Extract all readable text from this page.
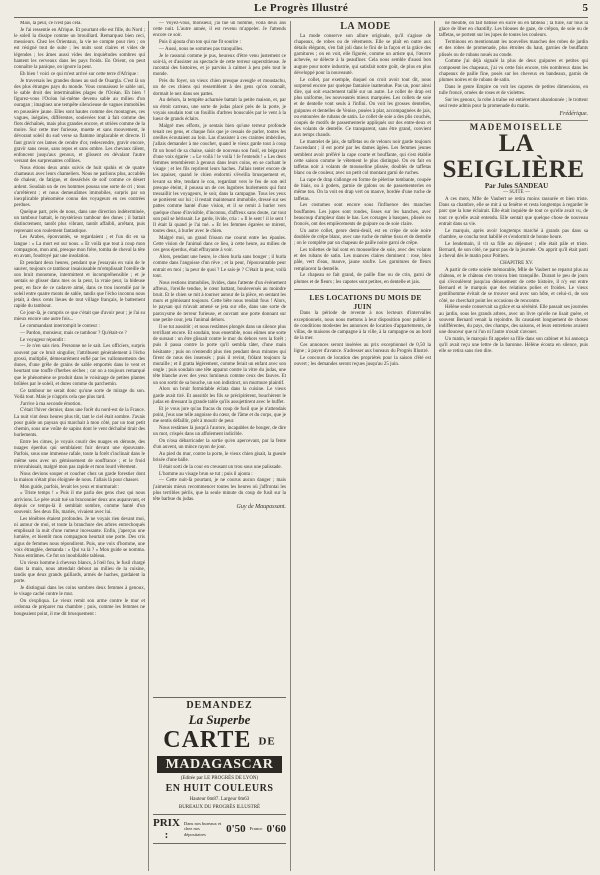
Le Progrès Illustré	5

Mais, la peur, ce n'est pas cela.

Je l'ai ressentie en Afrique. Et pourtant elle est fille, du Nord ; le soleil la dissipe comme un brouillard. Remarquez bien ceci, messieurs. Chez les Orientaux, la vie ne compte pour rien ; on est résigné tout de suite ; les nuits sont claires et vides de légendes ; les âmes aussi vides des inquiétudes sombres qui hantent les cerveaux dans les pays froids. En Orient, on peut connaître la panique, on ignore la peur.

Eh bien ! voici ce qui m'est arrivé sur cette terre d'Afrique :

Je traversais les grandes dunes au sud de Ouargla. C'est là un des plus étranges pays du monde. Vous connaissez le sable uni, le sable droit des interminables plages de l'Océan. Eh bien ! figurez-vous l'Océan lui-même devenu sable au milieu d'un ouragan ; imaginez une tempête silencieuse de vagues immobiles en poussière jaune. Elles sont hautes comme des montagnes, ces vagues, inégales, différentes, soulevées tout à fait comme des flots déchaînés, mais plus grandes encore, et striées comme de la moire. Sur cette mer furieuse, muette et sans mouvement, le dévorant soleil du sud verse sa flamme implacable et directe. Il faut gravir ces lames de cendre d'or, redescendre, gravir encore, gravir sans cesse, sans repos et sans ombre. Les chevaux râlent, enfoncent jusqu'aux genoux, et glissent en dévalant l'autre versant des surprenantes collines.

Nous étions deux amis suivis de huit spahis et de quatre chameaux avec leurs chameliers. Nous ne parlions plus, accablés de chaleur, de fatigue, et desséchés de soif comme ce désert ardent. Soudain un de ces hommes poussa une sorte de cri ; tous s'arrêtèrent ; et nous demeurâmes immobiles, surpris par un inexplicable phénomène connu des voyageurs en ces contrées perdues.

Quelque part, près de nous, dans une direction indéterminée, un tambour battait, le mystérieux tambour des dunes ; il battait distinctement, tantôt plus vibrant, tantôt affaibli, arrêtant, puis reprenant son roulement fantastique.

Les Arabes, épouvantés, se regardaient ; et l'un dit en sa langue : « La mort est sur nous. » Et voilà que tout à coup mon compagnon, mon ami, presque mon frère, tomba de cheval la tête en avant, foudroyé par une insolation.

Et pendant deux heures, pendant que j'essayais en vain de le sauver, toujours ce tambour insaisissable m'emplissait l'oreille de son bruit monotone, intermittent et incompréhensible ; et je sentais se glisser dans mes os la peur, la vraie peur, la hideuse peur, en face de ce cadavre aimé, dans ce trou incendié par le soleil entre quatre monts de sable, tandis que l'écho inconnu nous jetait, à deux cents lieues de tout village français, le battement rapide du tambour.

Ce jour-là, je compris ce que c'était que d'avoir peur ; je l'ai su mieux encore une autre fois...

Le commandant interrompit le conteur :

— Pardon, monsieur, mais ce tambour ? Qu'était-ce ?

Le voyageur répondit :

— Je n'en sais rien. Personne ne le sait. Les officiers, surpris souvent par ce bruit singulier, l'attribuent généralement à l'écho grossi, multiplié, démesurément enflé par les vallonnements des dunes, d'une grêle de grains de sable emportés dans le vent et heurtant une touffe d'herbes sèches ; car on a toujours remarqué que le phénomène se produit dans le voisinage de petites plantes brûlées par le soleil, et dures comme du parchemin.

Ce tambour ne serait donc qu'une sorte de mirage du son. Voilà tout. Mais je n'appris cela que plus tard.

J'arrive à ma seconde émotion.

C'était l'hiver dernier, dans une forêt du nord-est de la France. La nuit vint deux heures plus tôt, tant le ciel était sombre. J'avais pour guide un paysan qui marchait à mon côté, par un tout petit chemin, sous une voûte de sapins dont le vent déchaîné tirait des hurlements.

Entre les cimes, je voyais courir des nuages en déroute, des nuages éperdus qui semblaient fuir devant une épouvante. Parfois, sous une immense rafale, toute la forêt s'inclinait dans le même sens avec un gémissement de souffrance ; et le froid m'envahissait, malgré mon pas rapide et mon lourd vêtement.

Nous devions souper et coucher chez un garde forestier dont la maison n'était plus éloignée de nous. J'allais là pour chasser.

Mon guide, parfois, levait les yeux et murmurait :

« Triste temps ! » Puis il me parla des gens chez qui nous arrivions. Le père avait tué un braconnier deux ans auparavant, et depuis ce temps-là il semblait sombre, comme hanté d'un souvenir. Ses deux fils, mariés, vivaient avec lui.

Les ténèbres étaient profondes. Je ne voyais rien devant moi, ni autour de moi, et toute la branchure des arbres entrechoqués emplissait la nuit d'une rumeur incessante. Enfin, j'aperçus une lumière, et bientôt mon compagnon heurtait une porte. Des cris aigus de femmes nous répondirent. Puis, une voix d'homme, une voix étranglée, demanda : « Qui va là ? » Mon guide se nomma. Nous entrâmes. Ce fut un inoubliable tableau.

Un vieux homme à cheveux blancs, à l'œil fou, le fusil chargé dans la main, nous attendait debout au milieu de la cuisine, tandis que deux grands gaillards, armés de haches, gardaient la porte.

Je distinguai dans les coins sombres deux femmes à genoux, le visage caché contre le mur.

On s'expliqua. Le vieux remit son arme contre le mur et ordonna de préparer ma chambre ; puis, comme les femmes ne bougeaient point, il me dit brusquement :

— Voyez-vous, monsieur, j'ai tué un homme, voilà deux ans cette nuit. L'autre année, il est revenu m'appeler. Je l'attends encore ce soir.

Puis il ajouta d'un ton qui me fit sourire :

— Aussi, nous ne sommes pas tranquilles.

Je le rassurai comme je pus, heureux d'être venu justement ce soir-là, et d'assister au spectacle de cette terreur superstitieuse. Je racontai des histoires, et je parvins à calmer à peu près tout le monde.

Près du foyer, un vieux chien presque aveugle et moustachu, un de ces chiens qui ressemblent à des gens qu'on connaît, dormait le nez dans ses pattes.

Au dehors, la tempête acharnée battait la petite maison, et, par un étroit carreau, une sorte de judas placé près de la porte, je voyais soudain tout un fouillis d'arbres bousculés par le vent à la lueur de grands éclairs.

Malgré mes efforts, je sentais bien qu'une terreur profonde tenait ces gens, et chaque fois que je cessais de parler, toutes les oreilles écoutaient au loin. Las d'assister à ces craintes imbéciles, j'allais demander à me coucher, quand le vieux garde tout à coup fit un bond de sa chaise, saisit de nouveau son fusil, en bégayant d'une voix égarée : « Le voilà ! le voilà ! Je l'entends ! » Les deux femmes retombèrent à genoux dans leurs coins, en se cachant le visage ; et les fils reprirent leurs haches. J'allais tenter encore de les apaiser, quand le chien endormi s'éveilla brusquement et, levant sa tête, tendant le cou, regardant vers le feu de son œil presque éteint, il poussa un de ces lugubres hurlements qui font tressaillir les voyageurs, le soir, dans la campagne. Tous les yeux se portèrent sur lui ; il restait maintenant immobile, dressé sur ses pattes comme hanté d'une vision, et il se remit à hurler vers quelque chose d'invisible, d'inconnu, d'affreux sans doute, car tout son poil se hérissait. Le garde, livide, cria : « Il le sent ! il le sent ! Il était là quand je l'ai tué. » Et les femmes égarées se mirent, toutes deux, à hurler avec le chien.

Malgré moi, un grand frisson me courut entre les épaules. Cette vision de l'animal dans ce lieu, à cette heure, au milieu de ces gens éperdus, était effrayante à voir.

Alors, pendant une heure, le chien hurla sans bouger ; il hurla comme dans l'angoisse d'un rêve ; et la peur, l'épouvantable peur entrait en moi ; la peur de quoi ? Le sais-je ? C'était la peur, voilà tout.

Nous restions immobiles, livides, dans l'attente d'un événement affreux, l'oreille tendue, le cœur battant, bouleversés au moindre bruit. Et le chien se mit à tourner autour de la pièce, en sentant les murs et gémissant toujours. Cette bête nous rendait fous ! Alors, le paysan qui m'avait amené se jeta sur elle, dans une sorte de paroxysme de terreur furieuse, et ouvrant une porte donnant sur une petite cour, jeta l'animal dehors.

Il se tut aussitôt ; et nous restâmes plongés dans un silence plus terrifiant encore. Et soudain, tous ensemble, nous eûmes une sorte de sursaut : un être glissait contre le mur du dehors vers la forêt ; puis il passa contre la porte qu'il sembla tâter, d'une main hésitante ; puis on n'entendit plus rien pendant deux minutes qui firent de nous des insensés ; puis il revint, frôlant toujours la muraille ; et il gratta légèrement, comme ferait un enfant avec son ongle ; puis soudain une tête apparut contre la vitre du judas, une tête blanche avec des yeux lumineux comme ceux des fauves. Et un son sortit de sa bouche, un son indistinct, un murmure plaintif.

Alors un bruit formidable éclata dans la cuisine. Le vieux garde avait tiré. Et aussitôt les fils se précipitèrent, bouchèrent le judas en dressant la grande table qu'ils assujettirent avec le buffet.

Et je vous jure qu'au fracas du coup de fusil que je n'attendais point, j'eus une telle angoisse du cœur, de l'âme et du corps, que je me sentis défaillir, prêt à mourir de peur.

Nous restâmes là jusqu'à l'aurore, incapables de bouger, de dire un mot, crispés dans un affolement indicible.

On n'osa débarricader la sortie qu'en apercevant, par la fente d'un auvent, un mince rayon de jour.

Au pied du mur, contre la porte, le vieux chien gisait, la gueule brisée d'une balle.

Il était sorti de la cour en creusant un trou sous une palissade.

L'homme au visage brun se tut ; puis il ajouta :

— Cette nuit-là pourtant, je ne courus aucun danger ; mais j'aimerais mieux recommencer toutes les heures où j'affrontai les plus terribles périls, que la seule minute du coup de fusil sur la tête barbue du judas.

Guy de Maupassant.

DEMANDEZ
La Superbe
CARTE DE
MADAGASCAR
(Editée par LE PROGRÈS DE LYON)
EN HUIT COULEURS
Hauteur 0m87. Largeur 0m63
BUREAUX DU PROGRÈS ILLUSTRÉ
PRIX :
Dans nos bureaux et chez nos dépositaires	0'50 Franco 0'60

LA MODE

La mode conserve son allure originale, qu'il s'agisse de chapeaux, de robes ou de vêtements. Elle se plaît en outre aux détails élégants, s'en fait joli dans le fini de la façon et la grâce des garnitures ; on en voit, elle figurée, comme un artiste qui, l'œuvre achevée, se délecte à la peaufiner. Cela nous semble d'aussi bon augure pour notre industrie, qui satisfait notre goût, de plus en plus développé pour la nouveauté.

Le collet, par exemple, duquel on croit avoir tout dit, nous surprend encore par quelque fantaisie inattendue. Pas un, pour ainsi dire, qui soit exactement taillé sur un autre. Le collet de drap est plus uniforme, les nouveautés mieux marquées. Les collets de soie et de dentelle vont seuls à l'infini. On voit les grosses dentelles, guipures et dentelles de Venise, posées à plat, accompagnées de jais, ou entourées de rubans de satin. Le collet de soie a des plis couchés, coupés de motifs de passementerie appliqués sur des entre-deux et des volants de dentelle. Ce transparent, sans être grand, convient aux temps chauds.

Le mantelet de jais, de taffetas ou de velours noir garde toujours l'ascendant ; il est porté par les dames âgées. Les femmes jeunes semblent avoir préféré la cape courte et bouffante, qui s'est établie cette saison comme le vêtement le plus distingué. On en fait en taffetas noir à volants de mousseline plissée, doublés de taffetas blanc ou de couleur, avec un petit col montant garni de ruches.

La cape de drap s'allonge en forme de pèlerine tombante, coupée de biais, ou à godets, garnie de galons ou de passementeries en même ton. On la voit en drap vert ou mauve, bordée d'une ruche de taffetas.

Les costumes sont encore sous l'influence des manches bouffantes. Les jupes sont rondes, lisses sur les hanches, avec beaucoup d'ampleur dans le bas. Les corsages à basques, plissés ou froncés, ont des empiècements de guipure ou de soie claire.

Un autre collet, genre demi-deuil, est en crêpe de soie noire doublée de crêpe blanc, avec une ruche de même tissu et de dentelle ; on le complète par un chapeau de paille noire garni de crêpe.

Les toilettes de bal sont en mousseline de soie, avec des volants et des rubans de satin. Les nuances claires dominent : rose, bleu pâle, vert d'eau, mauve, jaune soufre. Les garnitures de fleurs remplacent la dentelle.

Le chapeau se fait grand, de paille fine ou de crin, garni de plumes et de fleurs ; les capotes sont petites, en dentelle et jais.

LES LOCATIONS DU MOIS DE JUIN

Dans la période de revente à nos lecteurs d'intervalles exceptionnels, nous nous mettons à leur disposition pour publier à de conditions modestes les annonces de location d'appartements, de villas, de maisons de campagne à la ville, à la campagne ou au bord de la mer.

Ces annonces seront insérées au prix exceptionnel de 0,50 la ligne ; à payer d'avance. S'adresser aux bureaux du Progrès Illustré.

Le concours de location des propriétés pour la saison d'été est ouvert ; les demandes seront reçues jusqu'au 25 juin.

ne meublé, on fait bâtisse en sucre ou en tableau ; la tuile, sur tous la glace de liber en chantilly. Les blouses de gaze, de crêpon, de soie ou de taffetas, se portent sur les jupes de toutes les couleurs.

Terminons en mentionnant les nouvelles manches des robes de jardin et des robes de promenade, plus étroites du haut, garnies de bouffants plissés ou de rubans noués au coude.

Comme j'ai déjà signalé la plus de deux guipures et petites qui composent les chapeaux, j'ai vu cette fois encore, très nombreux dans les chapeaux de paille fine, posés sur les cheveux en bandeaux, garnis de plumes noires et de rubans de satin.

Dans le genre Empire on voit les capotes de petites dimensions, en tulle froncé, ornées de roses et de violettes.

Sur les genoux, la robe à traîne est entièrement abandonnée ; le trotteur seul reste admis pour la promenade du matin.

Frédérique.

MADEMOISELLE

LA SEIGLIÈRE

Par Jules SANDEAU

— SUITE —

A ces mots, Mlle de Vaubert se retira moins rassurée et bien triste. Dans sa chambre, elle se mit à sa fenêtre et resta longtemps à regarder le parc que la lune éclairait. Elle était inquiète de tout ce qu'elle avait vu, de tout ce qu'elle avait entendu. Elle sentait que quelque chose de nouveau entrait dans sa vie.

Le marquis, après avoir longtemps marché à grands pas dans sa chambre, se coucha tout habillé et s'endormit de bonne heure.

Le lendemain, il vit sa fille au déjeuner ; elle était pâle et triste. Bernard, de son côté, ne parut pas de la journée. On apprit qu'il était parti à cheval dès le matin pour Poitiers.

CHAPITRE XV.

A partir de cette soirée mémorable, Mlle de Vaubert ne reparut plus au château, et le château s'en trouva bien tranquille. Durant le peu de jours qui s'écoulèrent jusqu'au dénouement de cette histoire, il n'y eut entre Bernard et le marquis que des relations polies et froides. Le vieux gentilhomme évitait de se trouver seul avec son hôte, et celui-ci, de son côté, ne cherchait point les occasions de rencontre.

Hélène seule conservait sa grâce et sa sérénité. Elle passait ses journées au jardin, sous les grands arbres, avec un livre qu'elle ne lisait guère, et souvent Bernard venait la rejoindre. Ils causaient longuement de choses indifférentes, du pays, des champs, des saisons, et leurs entretiens avaient une douceur que ni l'un ni l'autre n'osait s'avouer.

Un matin, le marquis fit appeler sa fille dans son cabinet et lui annonça qu'il avait reçu une lettre de la baronne. Hélène écouta en silence, puis elle se retira sans rien dire.
